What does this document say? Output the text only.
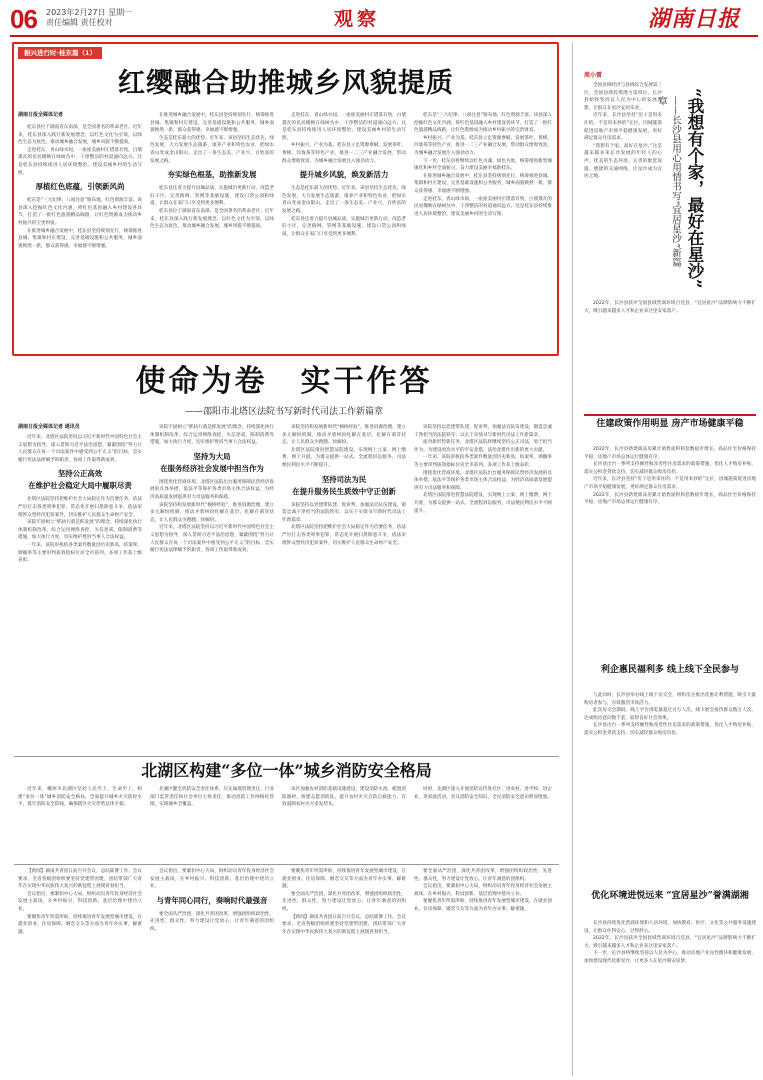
06 2023年2月27日 星期一
责任编辑 责任校对	观察	湖南日报
振兴进行时·桂东篇（1）
红缨融合助推城乡风貌提质
湖南日报全媒体记者

桂东县位于湖南省东南部，是全国著名的革命老区。近年来，桂东县深入践行新发展理念，以红色文化为引领，以绿色生态为底色，推动城乡融合发展，城乡风貌不断提质。

走进桂东，青山绿水间，一座座美丽村庄错落有致，白墙黛瓦的民居掩映在绿树丛中，干净整洁的村道通向远方。这是桂东县持续推进人居环境整治、建设美丽乡村的生动写照。

厚植红色底蕴，引领新风尚

桂东是“三大纪律、八项注意”颁布地，红色资源丰富。该县深入挖掘红色文化内涵，将红色基因融入乡村建设各环节，打造了一批红色旅游精品线路，让红色资源成为推动乡村振兴的宝贵财富。

在推进城乡融合发展中，桂东县坚持规划先行，统筹推进县城、集镇和村庄建设，完善基础设施和公共服务，城乡面貌焕然一新，群众获得感、幸福感不断增强。

在推进城乡融合发展中，桂东县坚持规划先行，统筹推进县城、集镇和村庄建设，完善基础设施和公共服务，城乡面貌焕然一新，群众获得感、幸福感不断增强。

生态是桂东最大的优势。近年来，该县坚持生态优先、绿色发展，大力发展生态旅游、康养产业和特色农业，把绿水青山变成金山银山，走出了一条生态美、产业兴、百姓富的发展之路。

夯实绿色根基，助推新发展

桂东县还着力提升县城品质，实施城市更新行动，改造老旧小区，完善路网、管网等基础设施，建设口袋公园和绿道，让群众在家门口享受到更多便利。

桂东县位于湖南省东南部，是全国著名的革命老区。近年来，桂东县深入践行新发展理念，以红色文化为引领，以绿色生态为底色，推动城乡融合发展，城乡风貌不断提质。

走进桂东，青山绿水间，一座座美丽村庄错落有致，白墙黛瓦的民居掩映在绿树丛中，干净整洁的村道通向远方。这是桂东县持续推进人居环境整治、建设美丽乡村的生动写照。

乡村振兴，产业为基。桂东县立足资源禀赋，发展茶叶、黄桃、玲珑茶等特色产业，推进一二三产业融合发展，带动群众增收致富，为城乡融合发展注入强劲动力。

提升城乡风貌，焕发新活力

生态是桂东最大的优势。近年来，该县坚持生态优先、绿色发展，大力发展生态旅游、康养产业和特色农业，把绿水青山变成金山银山，走出了一条生态美、产业兴、百姓富的发展之路。

桂东县还着力提升县城品质，实施城市更新行动，改造老旧小区，完善路网、管网等基础设施，建设口袋公园和绿道，让群众在家门口享受到更多便利。

桂东是“三大纪律、八项注意”颁布地，红色资源丰富。该县深入挖掘红色文化内涵，将红色基因融入乡村建设各环节，打造了一批红色旅游精品线路，让红色资源成为推动乡村振兴的宝贵财富。

乡村振兴，产业为基。桂东县立足资源禀赋，发展茶叶、黄桃、玲珑茶等特色产业，推进一二三产业融合发展，带动群众增收致富，为城乡融合发展注入强劲动力。

下一步，桂东县将继续以红色为魂、绿色为底，统筹推进新型城镇化和乡村全面振兴，奋力建设美丽幸福新桂东。

在推进城乡融合发展中，桂东县坚持规划先行，统筹推进县城、集镇和村庄建设，完善基础设施和公共服务，城乡面貌焕然一新，群众获得感、幸福感不断增强。

走进桂东，青山绿水间，一座座美丽村庄错落有致，白墙黛瓦的民居掩映在绿树丛中，干净整洁的村道通向远方。这是桂东县持续推进人居环境整治、建设美丽乡村的生动写照。

使命为卷　实干作答
——邵阳市北塔区法院书写新时代司法工作新篇章
湖南日报全媒体记者 通讯员

近年来，北塔区法院坚持以习近平新时代中国特色社会主义思想为指导，深入贯彻习近平法治思想，紧紧围绕“努力让人民群众在每一个司法案件中感受到公平正义”的目标，忠实履行宪法法律赋予的职责，各项工作取得新成效。

坚持公正高效
在维护社会稳定大局中履职尽责

北塔区法院坚持把维护社会大局稳定作为首要任务，依法严厉打击各类刑事犯罪，常态化开展扫黑除恶斗争，依法审理涉众型经济犯罪案件，切实维护人民群众生命财产安全。

该院牢固树立“抓执行就是抓发展”的理念，持续深化执行体制机制改革，综合运用网络查控、失信惩戒、限制消费等措施，加大执行力度，切实维护胜诉当事人合法权益。

一年来，该院审执结各类案件数量创历史新高，结案率、调撤率等主要审判质效指标位居全市前列，多项工作获上级表彰。

该院牢固树立“抓执行就是抓发展”的理念，持续深化执行体制机制改革，综合运用网络查控、失信惩戒、限制消费等措施，加大执行力度，切实维护胜诉当事人合法权益。

坚持为大局
在服务经济社会发展中担当作为

围绕优化营商环境，北塔区法院出台服务保障民营经济发展的具体举措，依法平等保护各类市场主体合法权益，为经济高质量发展提供有力司法服务和保障。

该院坚持和发展新时代“枫桥经验”，推进诉源治理，建立多元解纷机制，推动矛盾纠纷化解在基层、化解在萌芽状态，让人民群众少跑腿、快解纷。

近年来，北塔区法院坚持以习近平新时代中国特色社会主义思想为指导，深入贯彻习近平法治思想，紧紧围绕“努力让人民群众在每一个司法案件中感受到公平正义”的目标，忠实履行宪法法律赋予的职责，各项工作取得新成效。

该院坚持和发展新时代“枫桥经验”，推进诉源治理，建立多元解纷机制，推动矛盾纠纷化解在基层、化解在萌芽状态，让人民群众少跑腿、快解纷。

北塔区法院推进智慧法院建设，实现网上立案、网上缴费、网上开庭，为群众提供一站式、全流程诉讼服务，司法便民利民水平不断提升。

坚持司法为民
在提升服务民生质效中守正创新

该院坚持以党建带队建、促审判，加强法官队伍建设，锻造忠诚干净担当的法院铁军，以实干实绩书写新时代司法工作新篇章。

北塔区法院坚持把维护社会大局稳定作为首要任务，依法严厉打击各类刑事犯罪，常态化开展扫黑除恶斗争，依法审理涉众型经济犯罪案件，切实维护人民群众生命财产安全。

该院坚持以党建带队建、促审判，加强法官队伍建设，锻造忠诚干净担当的法院铁军，以实干实绩书写新时代司法工作新篇章。

面对新形势新任务，北塔区法院将继续坚持公正司法，勇于担当作为，为建设更高水平的平安北塔、法治北塔作出新的更大贡献。

一年来，该院审执结各类案件数量创历史新高，结案率、调撤率等主要审判质效指标位居全市前列，多项工作获上级表彰。

围绕优化营商环境，北塔区法院出台服务保障民营经济发展的具体举措，依法平等保护各类市场主体合法权益，为经济高质量发展提供有力司法服务和保障。

北塔区法院推进智慧法院建设，实现网上立案、网上缴费、网上开庭，为群众提供一站式、全流程诉讼服务，司法便民利民水平不断提升。

北湖区构建“多位一体”城乡消防安全格局

近年来，郴州市北湖区坚持人民至上、生命至上，构建“多位一体”城乡消防安全格局，全面提升城乡火灾防控水平，筑牢消防安全防线，确保辖区火灾形势总体平稳。

北湖区健全消防安全责任体系，压实属地管理责任、行业部门监管责任和社会单位主体责任，推动消防工作网格化管理，实现城乡全覆盖。

该区加强农村消防基础设施建设，建设消防水池、配置消防器材，组建志愿消防队，提升农村火灾自防自救能力，有效遏制农村火灾多发势头。

同时，北湖区深入开展消防宣传进社区、进农村、进学校、进企业、进家庭活动，普及消防安全知识，全民消防安全意识明显增强。

【新闻】湖南共青团日前召开会议，总结部署工作。会议要求，全省各级团组织要坚持党建带团建，团结带领广大青年在实现中华民族伟大复兴的新征程上展现青春担当。

会议指出，要紧扣中心大局，组织动员青年投身经济社会发展主战场，在乡村振兴、科技创新、基层治理中建功立业。

要聚焦青年所需所盼，持续推进青年发展型城市建设，在就业创业、住房保障、婚恋交友等方面为青年办实事、解难题。

会议指出，要紧扣中心大局，组织动员青年投身经济社会发展主战场，在乡村振兴、科技创新、基层治理中建功立业。

与青年同心同行，奏响时代最强音

要全面从严治团，深化共青团改革，增强团组织政治性、先进性、群众性，努力建设让党放心、让青年满意的团组织。

要聚焦青年所需所盼，持续推进青年发展型城市建设，在就业创业、住房保障、婚恋交友等方面为青年办实事、解难题。

要全面从严治团，深化共青团改革，增强团组织政治性、先进性、群众性，努力建设让党放心、让青年满意的团组织。

【新闻】湖南共青团日前召开会议，总结部署工作。会议要求，全省各级团组织要坚持党建带团建，团结带领广大青年在实现中华民族伟大复兴的新征程上展现青春担当。

要全面从严治团，深化共青团改革，增强团组织政治性、先进性、群众性，努力建设让党放心、让青年满意的团组织。

会议指出，要紧扣中心大局，组织动员青年投身经济社会发展主战场，在乡村振兴、科技创新、基层治理中建功立业。

要聚焦青年所需所盼，持续推进青年发展型城市建设，在就业创业、住房保障、婚恋交友等方面为青年办实事、解难题。

周小雷
“我想有个家，最好在星沙”
——长沙县用心用情书写“宜居星沙”新篇章

全国县域经济与县域综合发展第三位，全国县域投资潜力第四位。长沙县始终坚持以人民为中心的发展思想，让群众在星沙安居乐业。

近年来，长沙县坚持“房子是用来住的、不是用来炒的”定位，因城施策促进房地产市场平稳健康发展，更好满足群众住房需求。

“我想有个家，最好在星沙。”这是越来越多来长沙发展的年轻人的心声。优美的生态环境、完善的配套设施、便捷的交通网络，让星沙成为宜居之地。

2022年，长沙县获评全国县域营商环境百佳县，“宜居星沙”品牌影响力不断扩大，吸引越来越多人才和企业来这里安家落户。

住建政策作用明显 房产市场健康平稳

2022年，长沙县新建商品房累计销售面积和套数稳步增长，商品住宅价格保持平稳，房地产市场总体运行健康有序。

长沙县出台一系列支持刚性和改善性住房需求的政策措施，优化人才购房补贴，落实公积金贷款支持，切实减轻群众购房负担。

近年来，长沙县坚持“房子是用来住的、不是用来炒的”定位，因城施策促进房地产市场平稳健康发展，更好满足群众住房需求。

2022年，长沙县新建商品房累计销售面积和套数稳步增长，商品住宅价格保持平稳，房地产市场总体运行健康有序。

利企惠民福利多 线上线下全民参与

与此同时，长沙县举办线上线下房交会，组织房企推出优惠让利措施，吸引大量购房者参与，有效激活市场活力。

此次房交会期间，线上平台浏览量超过百万人次，线下展会接待群众数万人次，达成购房意向数千套，取得良好社会效果。

长沙县出台一系列支持刚性和改善性住房需求的政策措施，优化人才购房补贴，落实公积金贷款支持，切实减轻群众购房负担。

优化环境进悦远来 “宜居星沙”誉满湖湘

长沙县持续优化营商环境和人居环境，加快教育、医疗、文化等公共服务设施建设，让群众住得安心、过得舒心。

2022年，长沙县获评全国县域营商环境百佳县，“宜居星沙”品牌影响力不断扩大，吸引越来越多人才和企业来这里安家落户。

下一步，长沙县将继续坚持以人民为中心，推动房地产业良性循环和健康发展，加快建设现代化新星沙，让更多人在星沙圆安居梦。
